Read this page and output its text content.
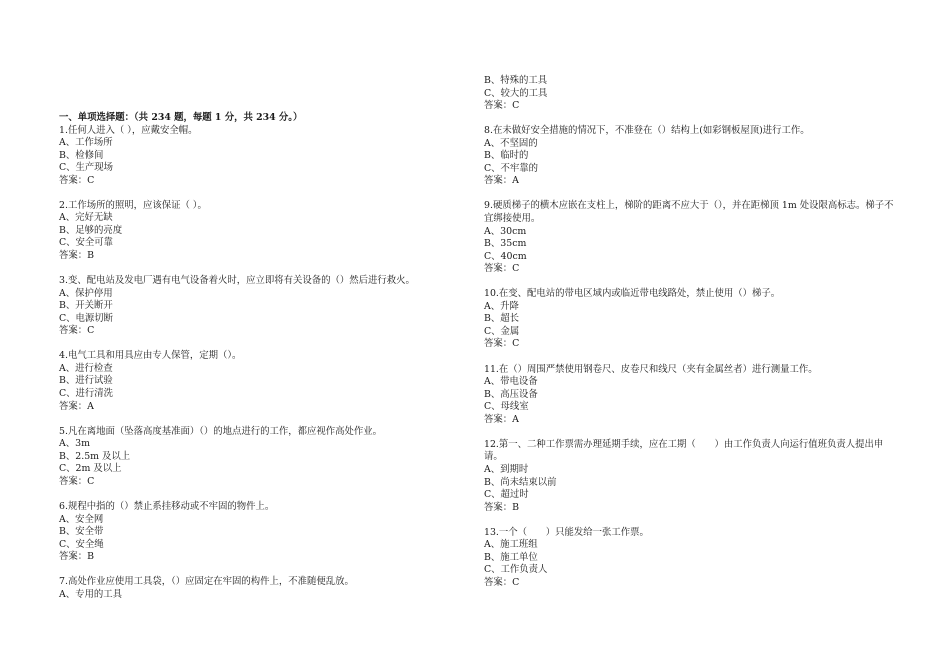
一、单项选择题：（共 234 题，每题 1 分，共 234 分。）
1.任何人进入（ ），应戴安全帽。
A、工作场所
B、检修间
C、生产现场
答案：C
2.工作场所的照明，应该保证（ ）。
A、完好无缺
B、足够的亮度
C、安全可靠
答案：B
3.变、配电站及发电厂遇有电气设备着火时，应立即将有关设备的（）然后进行救火。
A、保护停用
B、开关断开
C、电源切断
答案：C
4.电气工具和用具应由专人保管，定期（）。
A、进行检查
B、进行试验
C、进行清洗
答案：A
5.凡在离地面（坠落高度基准面）（）的地点进行的工作，都应视作高处作业。
A、3m
B、2.5m 及以上
C、2m 及以上
答案：C
6.规程中指的（）禁止系挂移动或不牢固的物件上。
A、安全网
B、安全带
C、安全绳
答案：B
7.高处作业应使用工具袋，（）应固定在牢固的构件上，不准随便乱放。
A、专用的工具
B、特殊的工具
C、较大的工具
答案：C
8.在未做好安全措施的情况下，不准登在（）结构上(如彩钢板屋顶)进行工作。
A、不坚固的
B、临时的
C、不牢靠的
答案：A
9.硬质梯子的横木应嵌在支柱上，梯阶的距离不应大于（），并在距梯顶 1m 处设限高标志。梯子不宜绑接使用。
A、30cm
B、35cm
C、40cm
答案：C
10.在变、配电站的带电区域内或临近带电线路处，禁止使用（）梯子。
A、升降
B、超长
C、金属
答案：C
11.在（）周围严禁使用钢卷尺、皮卷尺和线尺（夹有金属丝者）进行测量工作。
A、带电设备
B、高压设备
C、母线室
答案：A
12.第一、二种工作票需办理延期手续，应在工期（　　）由工作负责人向运行值班负责人提出申请。
A、到期时
B、尚未结束以前
C、超过时
答案：B
13.一个（　　）只能发给一张工作票。
A、施工班组
B、施工单位
C、工作负责人
答案：C
